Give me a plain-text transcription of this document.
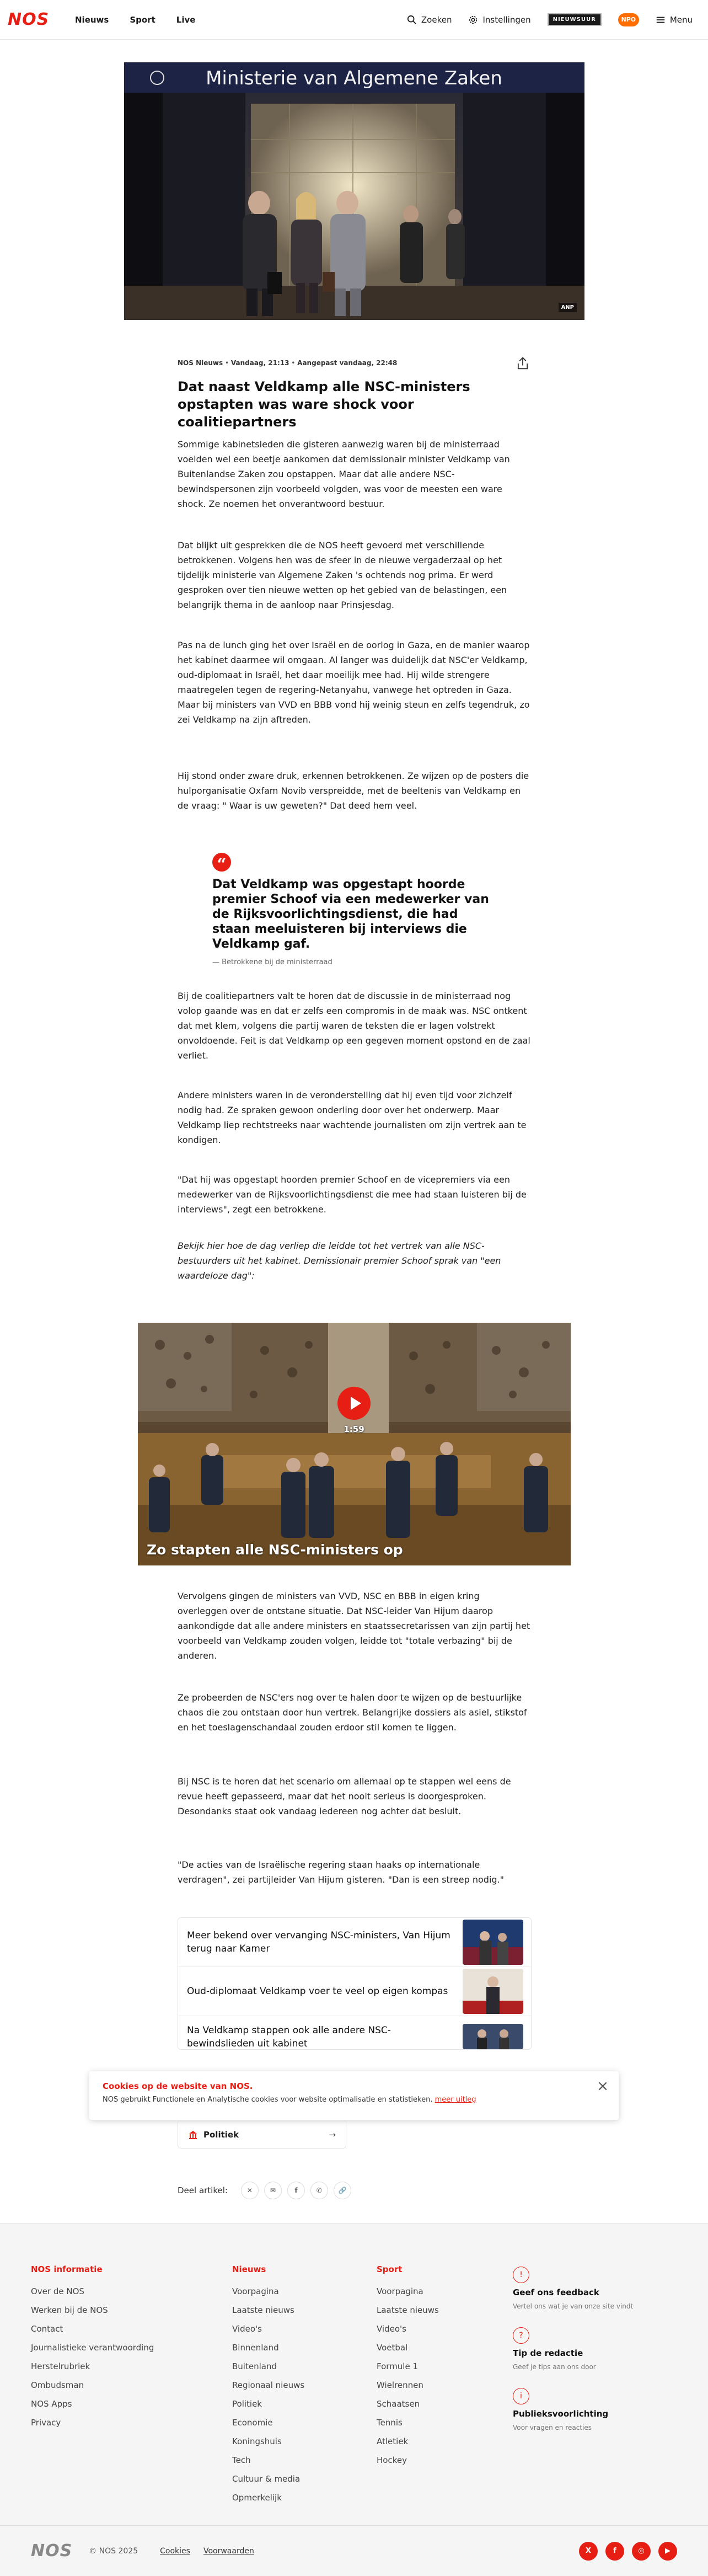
NOS	Nieuws	Sport	Live	Zoeken	Instellingen	NIEUWSUUR	NPO	Menu
Ministerie van Algemene Zaken
ANP
NOS Nieuws • Vandaag, 21:13 • Aangepast vandaag, 22:48
Dat naast Veldkamp alle NSC-ministers opstapten was ware shock voor coalitiepartners

Sommige kabinetsleden die gisteren aanwezig waren bij de ministerraad voelden wel een beetje aankomen dat demissionair minister Veldkamp van Buitenlandse Zaken zou opstappen. Maar dat alle andere NSC-bewindspersonen zijn voorbeeld volgden, was voor de meesten een ware shock. Ze noemen het onverantwoord bestuur.

Dat blijkt uit gesprekken die de NOS heeft gevoerd met verschillende betrokkenen. Volgens hen was de sfeer in de nieuwe vergaderzaal op het tijdelijk ministerie van Algemene Zaken 's ochtends nog prima. Er werd gesproken over tien nieuwe wetten op het gebied van de belastingen, een belangrijk thema in de aanloop naar Prinsjesdag.

Pas na de lunch ging het over Israël en de oorlog in Gaza, en de manier waarop het kabinet daarmee wil omgaan. Al langer was duidelijk dat NSC'er Veldkamp, oud-diplomaat in Israël, het daar moeilijk mee had. Hij wilde strengere maatregelen tegen de regering-Netanyahu, vanwege het optreden in Gaza. Maar bij ministers van VVD en BBB vond hij weinig steun en zelfs tegendruk, zo zei Veldkamp na zijn aftreden.

Hij stond onder zware druk, erkennen betrokkenen. Ze wijzen op de posters die hulporganisatie Oxfam Novib verspreidde, met de beeltenis van Veldkamp en de vraag: " Waar is uw geweten?" Dat deed hem veel.

“
Dat Veldkamp was opgestapt hoorde premier Schoof via een medewerker van de Rijksvoorlichtingsdienst, die had staan meeluisteren bij interviews die Veldkamp gaf.
— Betrokkene bij de ministerraad

Bij de coalitiepartners valt te horen dat de discussie in de ministerraad nog volop gaande was en dat er zelfs een compromis in de maak was. NSC ontkent dat met klem, volgens die partij waren de teksten die er lagen volstrekt onvoldoende. Feit is dat Veldkamp op een gegeven moment opstond en de zaal verliet.

Andere ministers waren in de veronderstelling dat hij even tijd voor zichzelf nodig had. Ze spraken gewoon onderling door over het onderwerp. Maar Veldkamp liep rechtstreeks naar wachtende journalisten om zijn vertrek aan te kondigen.

"Dat hij was opgestapt hoorden premier Schoof en de vicepremiers via een medewerker van de Rijksvoorlichtingsdienst die mee had staan luisteren bij de interviews", zegt een betrokkene.

Bekijk hier hoe de dag verliep die leidde tot het vertrek van alle NSC-bestuurders uit het kabinet. Demissionair premier Schoof sprak van "een waardeloze dag":

Zo stapten alle NSC-ministers op
1:59

Vervolgens gingen de ministers van VVD, NSC en BBB in eigen kring overleggen over de ontstane situatie. Dat NSC-leider Van Hijum daarop aankondigde dat alle andere ministers en staatssecretarissen van zijn partij het voorbeeld van Veldkamp zouden volgen, leidde tot "totale verbazing" bij de anderen.

Ze probeerden de NSC'ers nog over te halen door te wijzen op de bestuurlijke chaos die zou ontstaan door hun vertrek. Belangrijke dossiers als asiel, stikstof en het toeslagenschandaal zouden erdoor stil komen te liggen.

Bij NSC is te horen dat het scenario om allemaal op te stappen wel eens de revue heeft gepasseerd, maar dat het nooit serieus is doorgesproken. Desondanks staat ook vandaag iedereen nog achter dat besluit.

"De acties van de Israëlische regering staan haaks op internationale verdragen", zei partijleider Van Hijum gisteren. "Dan is een streep nodig."

Meer bekend over vervanging NSC-ministers, Van Hijum terug naar Kamer
Oud-diplomaat Veldkamp voer te veel op eigen kompas
Na Veldkamp stappen ook alle andere NSC-bewindslieden uit kabinet
Cookies op de website van NOS.

NOS gebruikt Functionele en Analytische cookies voor website optimalisatie en statistieken. meer uitleg

×
Politiek	→
Deel artikel:	✕	✉	f	✆ 🔗
NOS informatie
Over de NOS
Werken bij de NOS
Contact
Journalistieke verantwoording
Herstelrubriek
Ombudsman
NOS Apps
Privacy
Nieuws
Voorpagina
Laatste nieuws
Video's
Binnenland
Buitenland
Regionaal nieuws
Politiek
Economie
Koningshuis
Tech
Cultuur & media
Opmerkelijk
Sport
Voorpagina
Laatste nieuws
Video's
Voetbal
Formule 1
Wielrennen
Schaatsen
Tennis
Atletiek
Hockey
!
Geef ons feedback
Vertel ons wat je van onze site vindt
?
Tip de redactie
Geef je tips aan ons door
i
Publieksvoorlichting
Voor vragen en reacties
NOS © NOS 2025	Cookies Voorwaarden	X	f	◎	▶
